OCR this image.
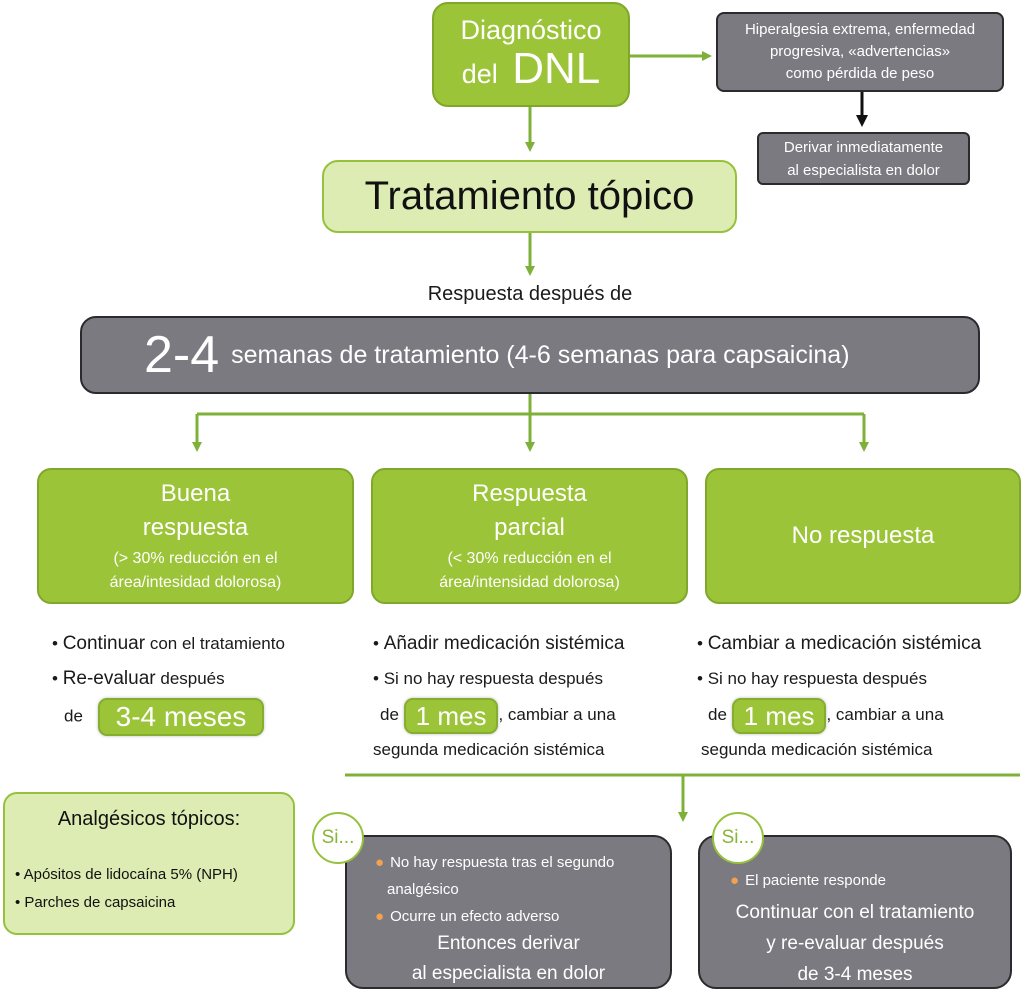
Diagnóstico
del DNL
Hiperalgesia extrema, enfermedad
progresiva, «advertencias»
como pérdida de peso
Derivar inmediatamente
al especialista en dolor
Tratamiento tópico
Respuesta después de
2-4 semanas de tratamiento (4-6 semanas para capsaicina)
Buena
respuesta
(> 30% reducción en el
área/intesidad dolorosa)
Respuesta
parcial
(< 30% reducción en el
área/intensidad dolorosa)
No respuesta
• Continuar con el tratamiento
• Re-evaluar después
de 3-4 meses
• Añadir medicación sistémica
• Si no hay respuesta después
de 1 mes , cambiar a una
segunda medicación sistémica
• Cambiar a medicación sistémica
• Si no hay respuesta después
de 1 mes , cambiar a una
segunda medicación sistémica
Analgésicos tópicos:
• Apósitos de lidocaína 5% (NPH)
• Parches de capsaicina
● No hay respuesta tras el segundo
analgésico
● Ocurre un efecto adverso
Entonces derivar
al especialista en dolor
Si...
● El paciente responde
Continuar con el tratamiento
y re-evaluar después
de 3-4 meses
Si...
